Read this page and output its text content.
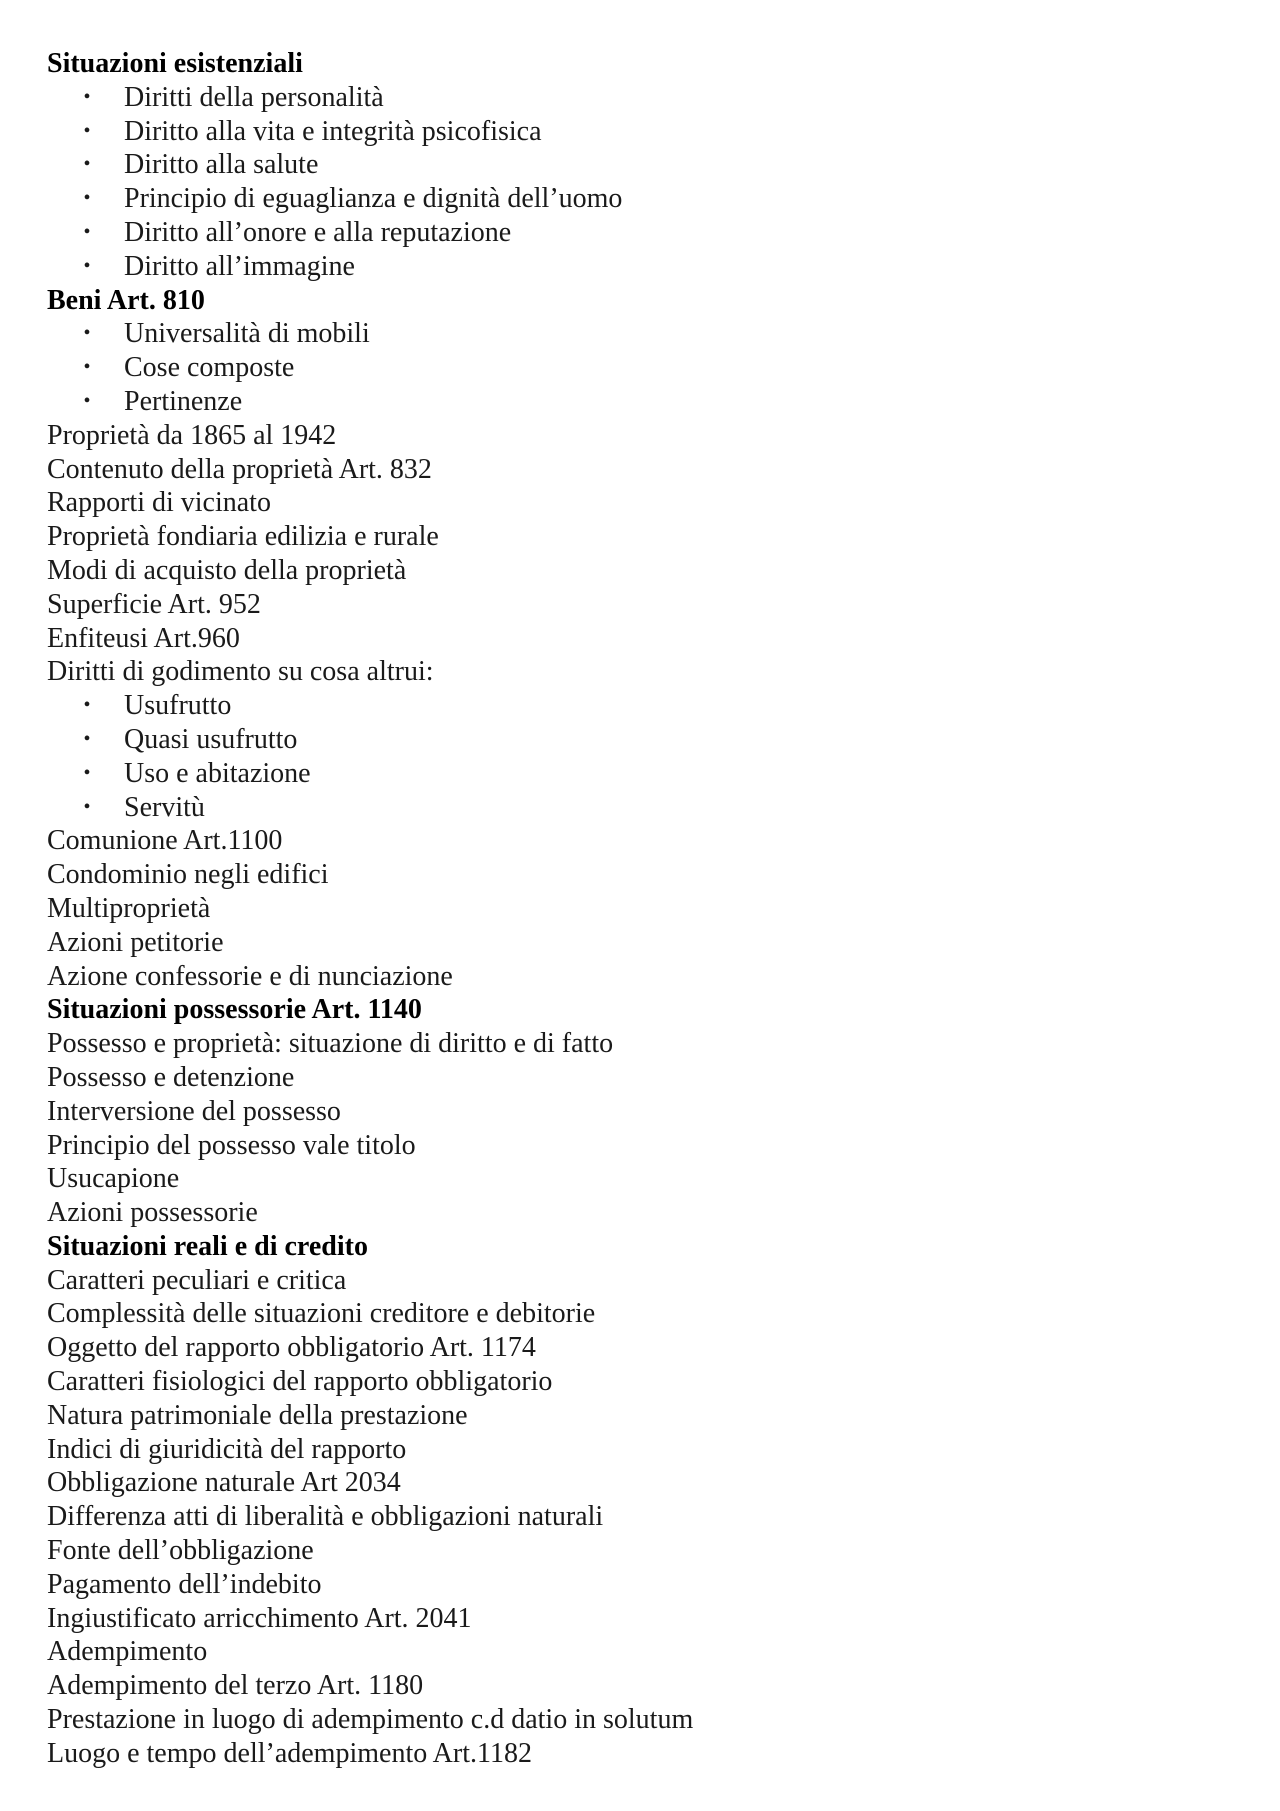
Situazioni esistenziali
• Diritti della personalità
• Diritto alla vita e integrità psicofisica
• Diritto alla salute
• Principio di eguaglianza e dignità dell’uomo
• Diritto all’onore e alla reputazione
• Diritto all’immagine
Beni Art. 810
• Universalità di mobili
• Cose composte
• Pertinenze
Proprietà da 1865 al 1942
Contenuto della proprietà Art. 832
Rapporti di vicinato
Proprietà fondiaria edilizia e rurale
Modi di acquisto della proprietà
Superficie Art. 952
Enfiteusi Art.960
Diritti di godimento su cosa altrui:
• Usufrutto
• Quasi usufrutto
• Uso e abitazione
• Servitù
Comunione Art.1100
Condominio negli edifici
Multiproprietà
Azioni petitorie
Azione confessorie e di nunciazione
Situazioni possessorie Art. 1140
Possesso e proprietà: situazione di diritto e di fatto
Possesso e detenzione
Interversione del possesso
Principio del possesso vale titolo
Usucapione
Azioni possessorie
Situazioni reali e di credito
Caratteri peculiari e critica
Complessità delle situazioni creditore e debitorie
Oggetto del rapporto obbligatorio Art. 1174
Caratteri fisiologici del rapporto obbligatorio
Natura patrimoniale della prestazione
Indici di giuridicità del rapporto
Obbligazione naturale Art 2034
Differenza atti di liberalità e obbligazioni naturali
Fonte dell’obbligazione
Pagamento dell’indebito
Ingiustificato arricchimento Art. 2041
Adempimento
Adempimento del terzo Art. 1180
Prestazione in luogo di adempimento c.d datio in solutum
Luogo e tempo dell’adempimento Art.1182
